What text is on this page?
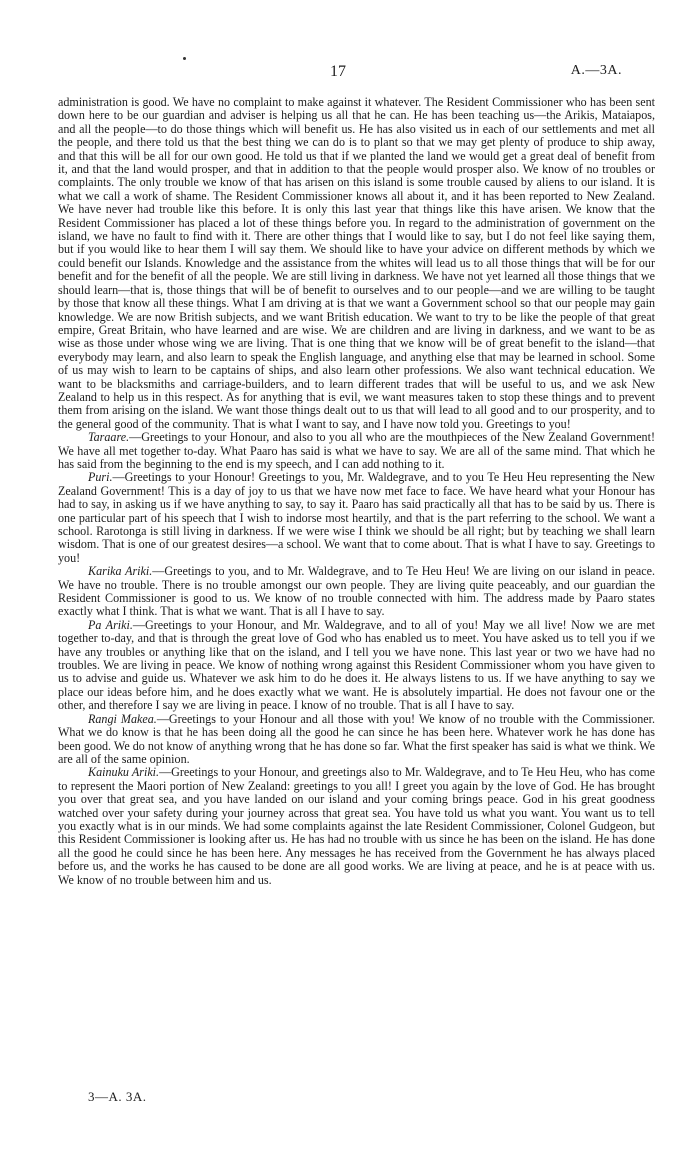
17	A.—3A.

administration is good. We have no complaint to make against it whatever. The Resident Commissioner who has been sent down here to be our guardian and adviser is helping us all that he can. He has been teaching us—the Arikis, Mataiapos, and all the people—to do those things which will benefit us. He has also visited us in each of our settlements and met all the people, and there told us that the best thing we can do is to plant so that we may get plenty of produce to ship away, and that this will be all for our own good. He told us that if we planted the land we would get a great deal of benefit from it, and that the land would prosper, and that in addition to that the people would prosper also. We know of no troubles or complaints. The only trouble we know of that has arisen on this island is some trouble caused by aliens to our island. It is what we call a work of shame. The Resident Commissioner knows all about it, and it has been reported to New Zealand. We have never had trouble like this before. It is only this last year that things like this have arisen. We know that the Resident Commissioner has placed a lot of these things before you. In regard to the administration of government on the island, we have no fault to find with it. There are other things that I would like to say, but I do not feel like saying them, but if you would like to hear them I will say them. We should like to have your advice on different methods by which we could benefit our Islands. Knowledge and the assistance from the whites will lead us to all those things that will be for our benefit and for the benefit of all the people. We are still living in darkness. We have not yet learned all those things that we should learn—that is, those things that will be of benefit to ourselves and to our people—and we are willing to be taught by those that know all these things. What I am driving at is that we want a Government school so that our people may gain knowledge. We are now British subjects, and we want British education. We want to try to be like the people of that great empire, Great Britain, who have learned and are wise. We are children and are living in darkness, and we want to be as wise as those under whose wing we are living. That is one thing that we know will be of great benefit to the island—that everybody may learn, and also learn to speak the English language, and anything else that may be learned in school. Some of us may wish to learn to be captains of ships, and also learn other professions. We also want technical education. We want to be blacksmiths and carriage-builders, and to learn different trades that will be useful to us, and we ask New Zealand to help us in this respect. As for anything that is evil, we want measures taken to stop these things and to prevent them from arising on the island. We want those things dealt out to us that will lead to all good and to our prosperity, and to the general good of the community. That is what I want to say, and I have now told you. Greetings to you!

Taraare.—Greetings to your Honour, and also to you all who are the mouthpieces of the New Zealand Government! We have all met together to-day. What Paaro has said is what we have to say. We are all of the same mind. That which he has said from the beginning to the end is my speech, and I can add nothing to it.

Puri.—Greetings to your Honour! Greetings to you, Mr. Waldegrave, and to you Te Heu Heu representing the New Zealand Government! This is a day of joy to us that we have now met face to face. We have heard what your Honour has had to say, in asking us if we have anything to say, to say it. Paaro has said practically all that has to be said by us. There is one particular part of his speech that I wish to indorse most heartily, and that is the part referring to the school. We want a school. Rarotonga is still living in darkness. If we were wise I think we should be all right; but by teaching we shall learn wisdom. That is one of our greatest desires—a school. We want that to come about. That is what I have to say. Greetings to you!

Karika Ariki.—Greetings to you, and to Mr. Waldegrave, and to Te Heu Heu! We are living on our island in peace. We have no trouble. There is no trouble amongst our own people. They are living quite peaceably, and our guardian the Resident Commissioner is good to us. We know of no trouble connected with him. The address made by Paaro states exactly what I think. That is what we want. That is all I have to say.

Pa Ariki.—Greetings to your Honour, and Mr. Waldegrave, and to all of you! May we all live! Now we are met together to-day, and that is through the great love of God who has enabled us to meet. You have asked us to tell you if we have any troubles or anything like that on the island, and I tell you we have none. This last year or two we have had no troubles. We are living in peace. We know of nothing wrong against this Resident Commissioner whom you have given to us to advise and guide us. Whatever we ask him to do he does it. He always listens to us. If we have anything to say we place our ideas before him, and he does exactly what we want. He is absolutely impartial. He does not favour one or the other, and therefore I say we are living in peace. I know of no trouble. That is all I have to say.

Rangi Makea.—Greetings to your Honour and all those with you! We know of no trouble with the Commissioner. What we do know is that he has been doing all the good he can since he has been here. Whatever work he has done has been good. We do not know of anything wrong that he has done so far. What the first speaker has said is what we think. We are all of the same opinion.

Kainuku Ariki.—Greetings to your Honour, and greetings also to Mr. Waldegrave, and to Te Heu Heu, who has come to represent the Maori portion of New Zealand: greetings to you all! I greet you again by the love of God. He has brought you over that great sea, and you have landed on our island and your coming brings peace. God in his great goodness watched over your safety during your journey across that great sea. You have told us what you want. You want us to tell you exactly what is in our minds. We had some complaints against the late Resident Commissioner, Colonel Gudgeon, but this Resident Commissioner is looking after us. He has had no trouble with us since he has been on the island. He has done all the good he could since he has been here. Any messages he has received from the Government he has always placed before us, and the works he has caused to be done are all good works. We are living at peace, and he is at peace with us. We know of no trouble between him and us.

3—A. 3A.
